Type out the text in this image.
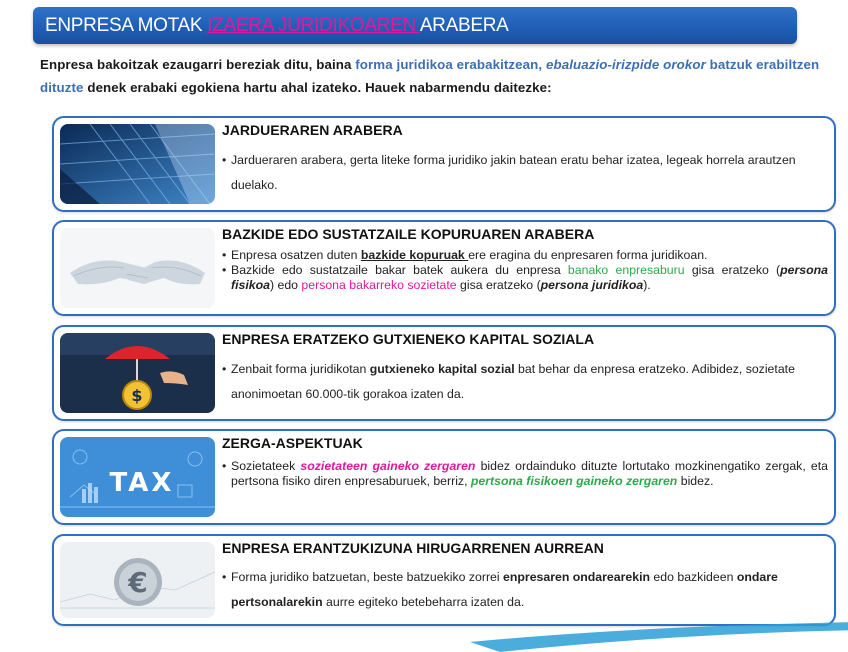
ENPRESA MOTAK IZAERA JURIDIKOAREN ARABERA
Enpresa bakoitzak ezaugarri bereziak ditu, baina forma juridikoa erabakitzean, ebaluazio-irizpide orokor batzuk erabiltzen dituzte denek erabaki egokiena hartu ahal izateko. Hauek nabarmendu daitezke:
JARDUERAREN ARABERA
• Jardueraren arabera, gerta liteke forma juridiko jakin batean eratu behar izatea, legeak horrela arautzen duelako.
BAZKIDE EDO SUSTATZAILE KOPURUAREN ARABERA
• Enpresa osatzen duten bazkide kopuruak ere eragina du enpresaren forma juridikoan.
• Bazkide edo sustatzaile bakar batek aukera du enpresa banako enpresaburu gisa eratzeko (persona fisikoa) edo persona bakarreko sozietate gisa eratzeko (persona juridikoa).
$
ENPRESA ERATZEKO GUTXIENEKO KAPITAL SOZIALA
• Zenbait forma juridikotan gutxieneko kapital sozial bat behar da enpresa eratzeko. Adibidez, sozietate anonimoetan 60.000-tik gorakoa izaten da.
TAX
ZERGA-ASPEKTUAK
• Sozietateek sozietateen gaineko zergaren bidez ordainduko dituzte lortutako mozkinengatiko zergak, eta pertsona fisiko diren enpresaburuek, berriz, pertsona fisikoen gaineko zergaren bidez.
€
ENPRESA ERANTZUKIZUNA HIRUGARRENEN AURREAN
• Forma juridiko batzuetan, beste batzuekiko zorrei enpresaren ondarearekin edo bazkideen ondare pertsonalarekin aurre egiteko betebeharra izaten da.
